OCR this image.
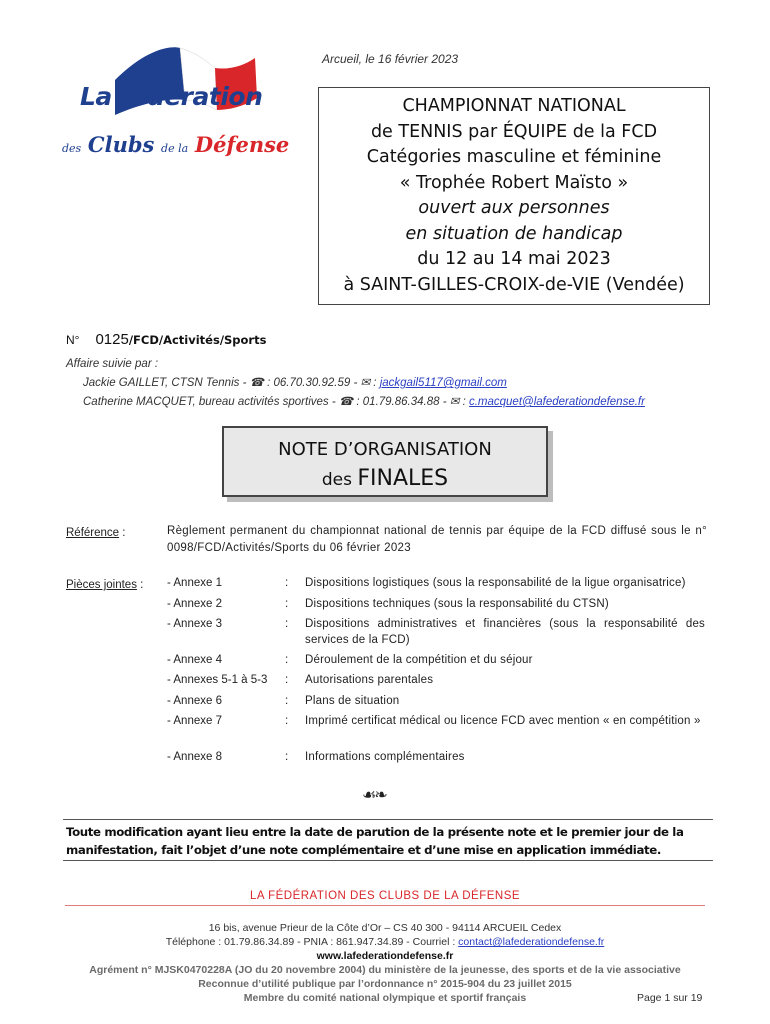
La fédération
des Clubs de la Défense
Arcueil, le 16 février 2023
CHAMPIONNAT NATIONAL
de TENNIS par ÉQUIPE de la FCD
Catégories masculine et féminine
« Trophée Robert Maïsto »
ouvert aux personnes
en situation de handicap
du 12 au 14 mai 2023
à SAINT-GILLES-CROIX-de-VIE (Vendée)
N° 0125/FCD/Activités/Sports
Affaire suivie par :
Jackie GAILLET, CTSN Tennis - ☎ : 06.70.30.92.59 - ✉ : jackgail5117@gmail.com
Catherine MACQUET, bureau activités sportives - ☎ : 01.79.86.34.88 - ✉ : c.macquet@lafederationdefense.fr
NOTE D’ORGANISATION
des FINALES
Référence :	Règlement permanent du championnat national de tennis par équipe de la FCD diffusé sous le n° 0098/FCD/Activités/Sports du 06 février 2023
Pièces jointes : - Annexe 1	: Dispositions logistiques (sous la responsabilité de la ligue organisatrice)
- Annexe 2	: Dispositions techniques (sous la responsabilité du CTSN)
- Annexe 3	: Dispositions administratives et financières (sous la responsabilité des services de la FCD)
- Annexe 4	: Déroulement de la compétition et du séjour
- Annexes 5-1 à 5-3 : Autorisations parentales
- Annexe 6	: Plans de situation
- Annexe 7	: Imprimé certificat médical ou licence FCD avec mention « en compétition »
- Annexe 8	: Informations complémentaires
☙❧
Toute modification ayant lieu entre la date de parution de la présente note et le premier jour de la manifestation, fait l’objet d’une note complémentaire et d’une mise en application immédiate.
LA FÉDÉRATION DES CLUBS DE LA DÉFENSE
16 bis, avenue Prieur de la Côte d’Or – CS 40 300 - 94114 ARCUEIL Cedex
Téléphone : 01.79.86.34.89 - PNIA : 861.947.34.89 - Courriel : contact@lafederationdefense.fr
www.lafederationdefense.fr
Agrément n° MJSK0470228A (JO du 20 novembre 2004) du ministère de la jeunesse, des sports et de la vie associative
Reconnue d’utilité publique par l’ordonnance n° 2015-904 du 23 juillet 2015
Membre du comité national olympique et sportif français	Page 1 sur 19
